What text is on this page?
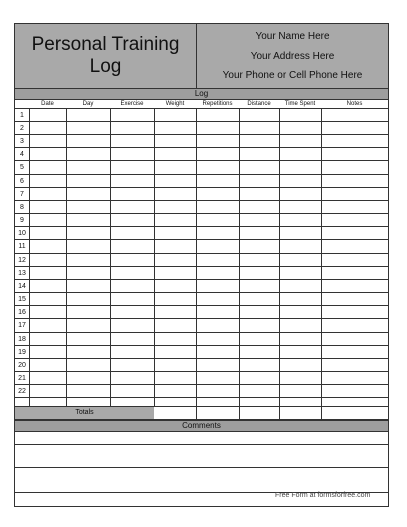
Personal Training
Log
Your Name Here
Your Address Here
Your Phone or Cell Phone Here
Log
Date	Day	Exercise	Weight	Repetitions	Distance	Time Spent	Notes
1
2
3
4
5
6
7
8
9
10
11
12
13
14
15
16
17
18
19
20
21
22
Totals
Comments
Free Form at formsforfree.com
